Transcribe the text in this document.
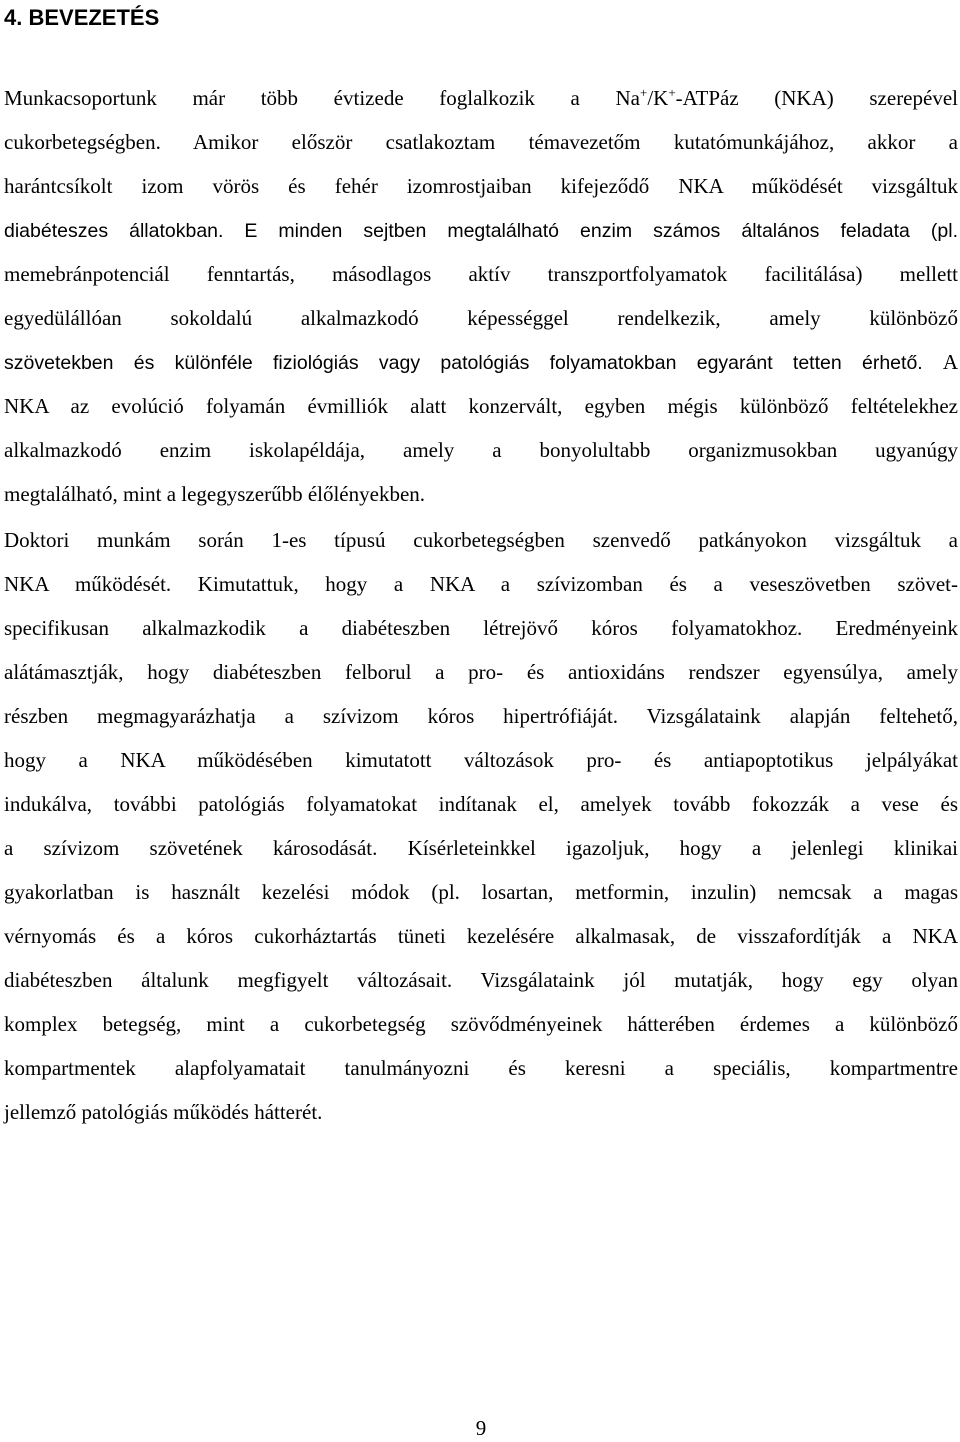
4. BEVEZETÉS

Munkacsoportunk már több évtizede foglalkozik a Na+/K+-ATPáz (NKA) szerepével
cukorbetegségben. Amikor először csatlakoztam témavezetőm kutatómunkájához, akkor a
harántcsíkolt izom vörös és fehér izomrostjaiban kifejeződő NKA működését vizsgáltuk
diabéteszes állatokban. E minden sejtben megtalálható enzim számos általános feladata (pl.
memebránpotenciál fenntartás, másodlagos aktív transzportfolyamatok facilitálása) mellett
egyedülállóan sokoldalú alkalmazkodó képességgel rendelkezik, amely különböző
szövetekben és különféle fiziológiás vagy patológiás folyamatokban egyaránt tetten érhető. A
NKA az evolúció folyamán évmilliók alatt konzervált, egyben mégis különböző feltételekhez
alkalmazkodó enzim iskolapéldája, amely a bonyolultabb organizmusokban ugyanúgy
megtalálható, mint a legegyszerűbb élőlényekben.

Doktori munkám során 1-es típusú cukorbetegségben szenvedő patkányokon vizsgáltuk a
NKA működését. Kimutattuk, hogy a NKA a szívizomban és a veseszövetben szövet-
specifikusan alkalmazkodik a diabéteszben létrejövő kóros folyamatokhoz. Eredményeink
alátámasztják, hogy diabéteszben felborul a pro- és antioxidáns rendszer egyensúlya, amely
részben megmagyarázhatja a szívizom kóros hipertrófiáját. Vizsgálataink alapján feltehető,
hogy a NKA működésében kimutatott változások pro- és antiapoptotikus jelpályákat
indukálva, további patológiás folyamatokat indítanak el, amelyek tovább fokozzák a vese és
a szívizom szövetének károsodását. Kísérleteinkkel igazoljuk, hogy a jelenlegi klinikai
gyakorlatban is használt kezelési módok (pl. losartan, metformin, inzulin) nemcsak a magas
vérnyomás és a kóros cukorháztartás tüneti kezelésére alkalmasak, de visszafordítják a NKA
diabéteszben általunk megfigyelt változásait. Vizsgálataink jól mutatják, hogy egy olyan
komplex betegség, mint a cukorbetegség szövődményeinek hátterében érdemes a különböző
kompartmentek alapfolyamatait tanulmányozni és keresni a speciális, kompartmentre
jellemző patológiás működés hátterét.

9
